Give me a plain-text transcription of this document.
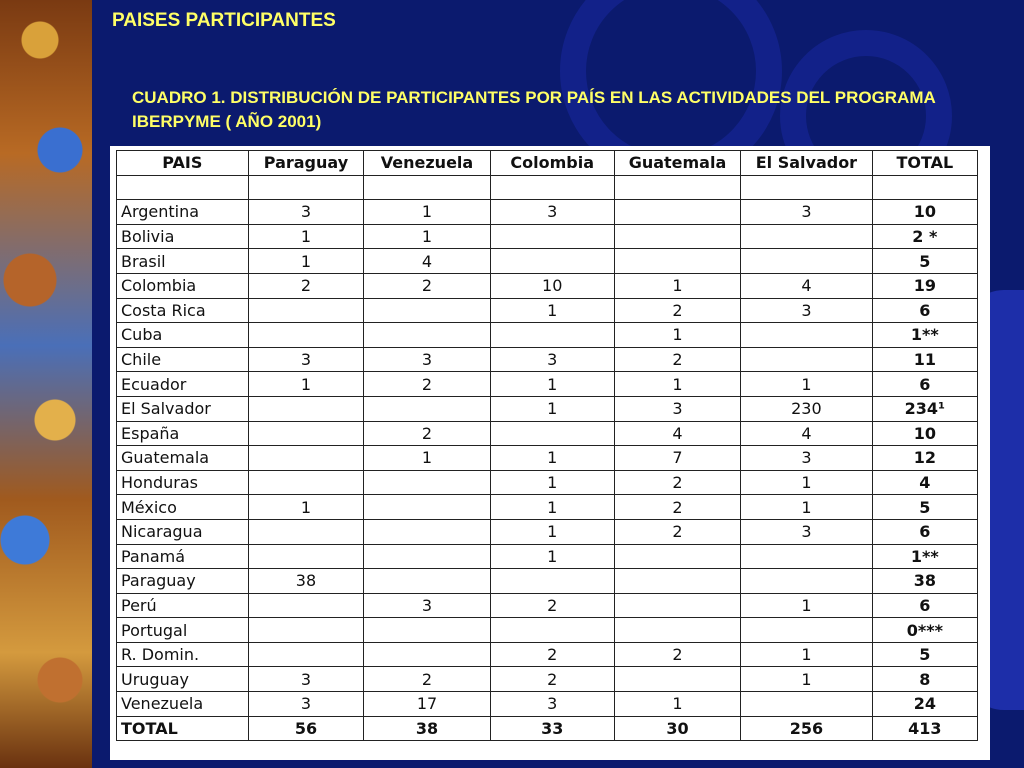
PAISES PARTICIPANTES
CUADRO 1. DISTRIBUCIÓN DE PARTICIPANTES POR PAÍS EN LAS ACTIVIDADES DEL PROGRAMA IBERPYME ( AÑO 2001)
PAIS	Paraguay	Venezuela	Colombia	Guatemala	El Salvador	TOTAL

Argentina	3	1	3		3	10
Bolivia	1	1				2 *
Brasil	1	4				5
Colombia	2	2	10	1	4	19
Costa Rica			1	2	3	6
Cuba				1		1**
Chile	3	3	3	2		11
Ecuador	1	2	1	1	1	6
El Salvador			1	3	230	234¹
España		2		4	4	10
Guatemala		1	1	7	3	12
Honduras			1	2	1	4
México	1		1	2	1	5
Nicaragua			1	2	3	6
Panamá			1			1**
Paraguay	38					38
Perú		3	2		1	6
Portugal						0***
R. Domin.			2	2	1	5
Uruguay	3	2	2		1	8
Venezuela	3	17	3	1		24
TOTAL	56	38	33	30	256	413
